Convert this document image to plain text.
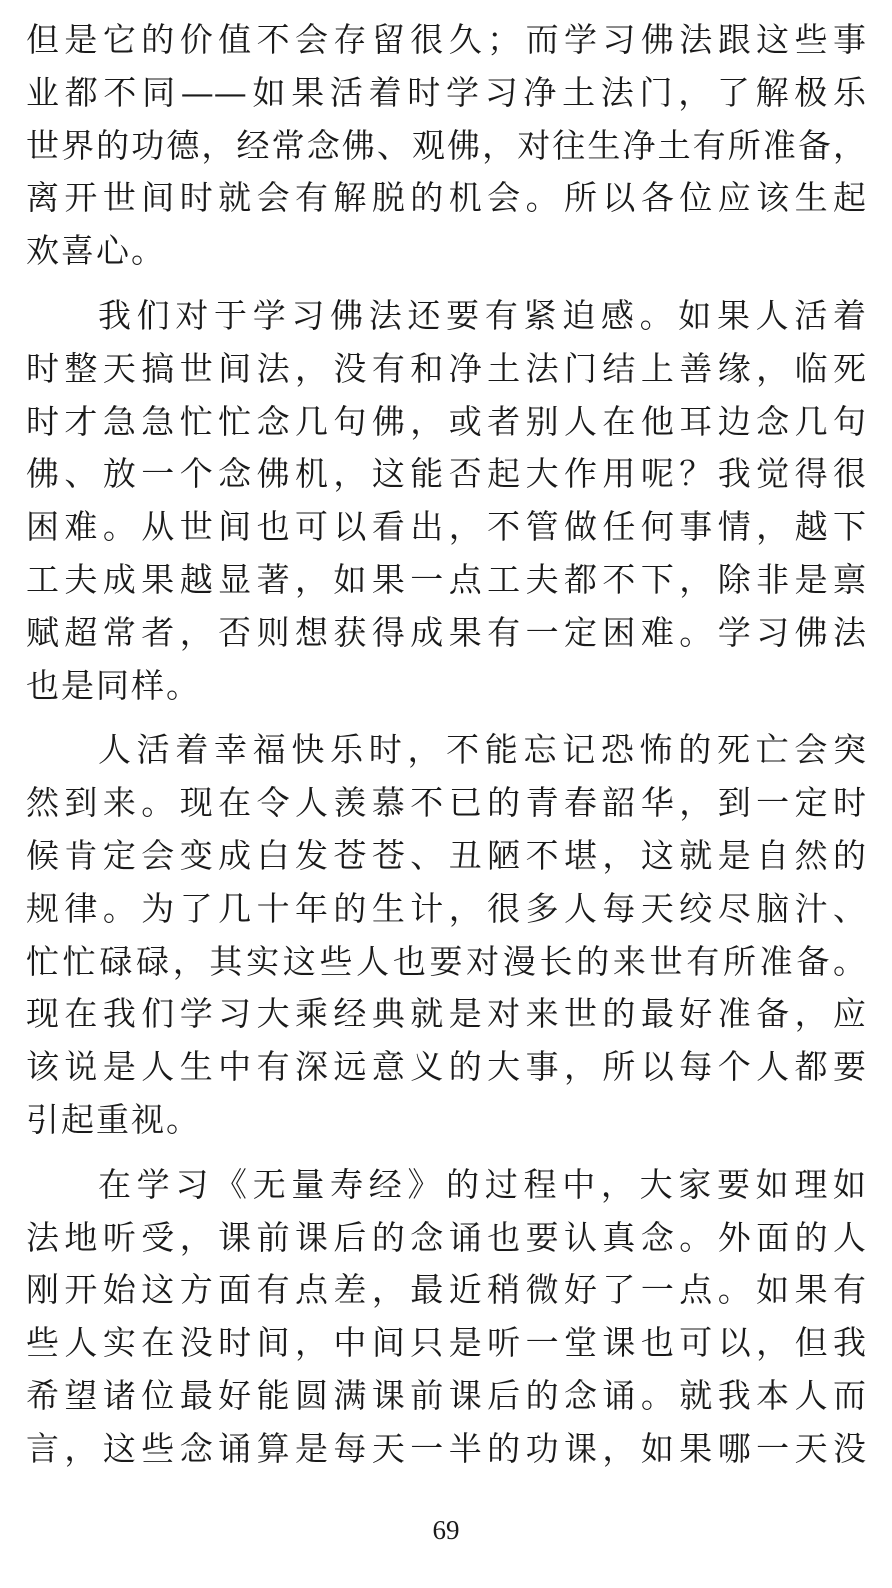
但是它的价值不会存留很久；而学习佛法跟这些事
业都不同——如果活着时学习净土法门，了解极乐
世界的功德，经常念佛、观佛，对往生净土有所准备，
离开世间时就会有解脱的机会。所以各位应该生起
欢喜心。

我们对于学习佛法还要有紧迫感。如果人活着
时整天搞世间法，没有和净土法门结上善缘，临死
时才急急忙忙念几句佛，或者别人在他耳边念几句
佛、放一个念佛机，这能否起大作用呢？我觉得很
困难。从世间也可以看出，不管做任何事情，越下
工夫成果越显著，如果一点工夫都不下，除非是禀
赋超常者，否则想获得成果有一定困难。学习佛法
也是同样。

人活着幸福快乐时，不能忘记恐怖的死亡会突
然到来。现在令人羡慕不已的青春韶华，到一定时
候肯定会变成白发苍苍、丑陋不堪，这就是自然的
规律。为了几十年的生计，很多人每天绞尽脑汁、
忙忙碌碌，其实这些人也要对漫长的来世有所准备。
现在我们学习大乘经典就是对来世的最好准备，应
该说是人生中有深远意义的大事，所以每个人都要
引起重视。

在学习《无量寿经》的过程中，大家要如理如
法地听受，课前课后的念诵也要认真念。外面的人
刚开始这方面有点差，最近稍微好了一点。如果有
些人实在没时间，中间只是听一堂课也可以，但我
希望诸位最好能圆满课前课后的念诵。就我本人而
言，这些念诵算是每天一半的功课，如果哪一天没

69
